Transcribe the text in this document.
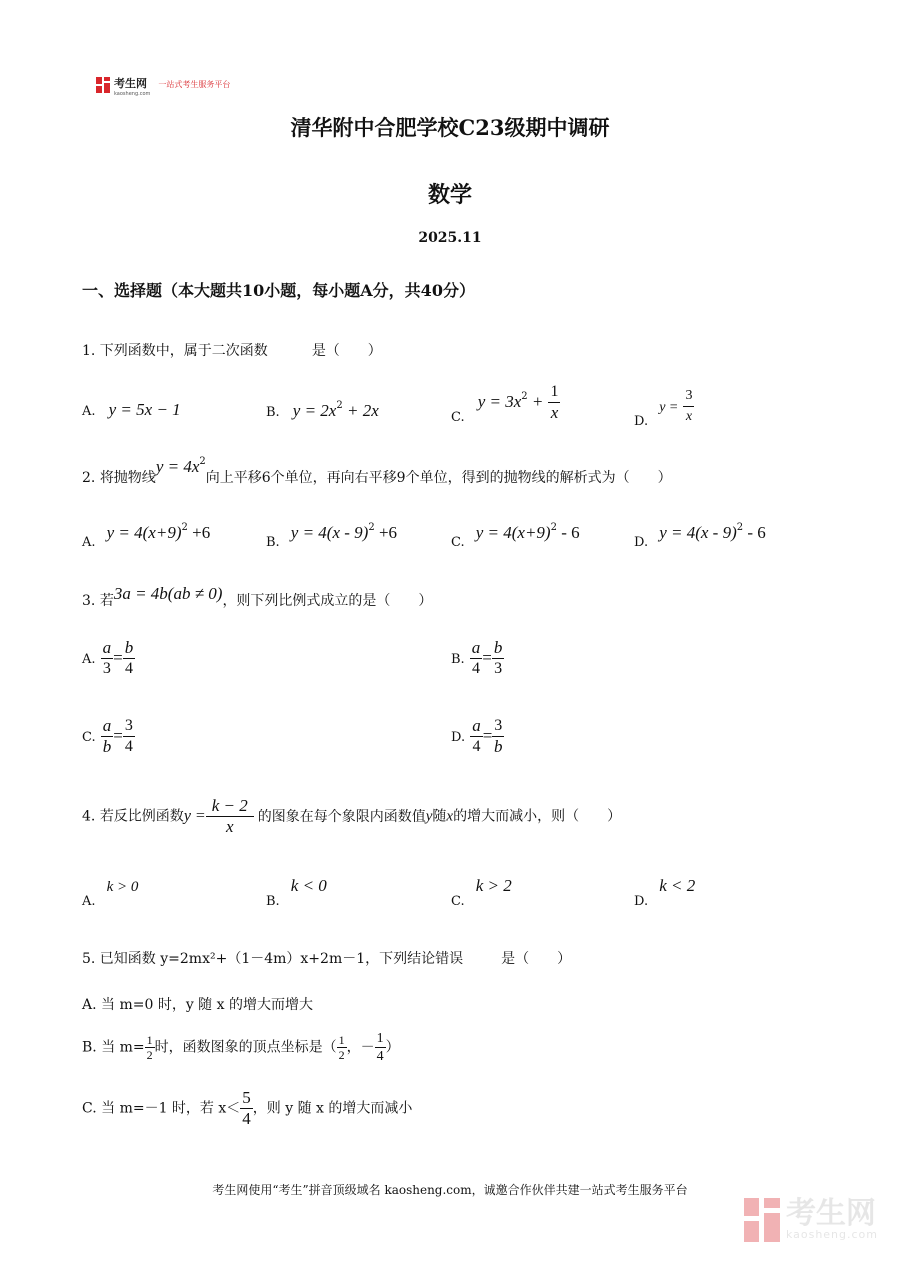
考生网
kaosheng.com
一站式考生服务平台
清华附中合肥学校C23级期中调研
数学
2025.11
一、选择题（本大题共10小题，每小题A分，共40分）
1. 下列函数中，属于二次函数	是（　　）
A. y = 5x − 1	B. $y = 2x^2 + 2x$	$_{C.}$ $y = 3x^2 + \frac{1}{x}$	$_{D.}$ $y = \frac{3}{x}$
2. 将抛物线$y = 4x^2$向上平移6个单位，再向右平移9个单位，得到的抛物线的解析式为（　　）
$_{A.}$ $y = 4(x+9)^2 +6$
$_{B.}$ y = 4(x - 9)$^2$ +6
$_{C.}$ $y = 4(x+9)^2 - 6$
$_{D.}$ y = 4(x - 9)$^2$ - 6
3. 若3a = 4b(ab ≠ 0)，则下列比例式成立的是（　　）
A. $\frac{a}{3} = \frac{b}{4}$	B. $\frac{a}{4} = \frac{b}{3}$
C. $\frac{a}{b} = \frac{3}{4}$	D. $\frac{a}{4} = \frac{3}{b}$
4. 若反比例函数$y = \frac{k - 2}{x}$ 的图象在每个象限内函数值y随x的增大而减小，则（　　）
$_{A.}$ k > 0
$_{B.}$ k < 0
$_{C.}$ k > 2
$_{D.}$ k < 2
5. 已知函数 y=2mx²+（1－4m）x+2m－1，下列结论错误	是（　　）
A. 当 m=0 时，y 随 x 的增大而增大
B. 当 $m= \frac{1}{2}$ 时，函数图象的顶点坐标是（ $\frac{1}{2}$ ，－ $\frac{1}{4}$ ）
C. 当 m=－1 时，若 $x< \frac{5}{4}$ ，则 y 随 x 的增大而减小
考生网使用“考生”拼音顶级域名 kaosheng.com，诚邀合作伙伴共建一站式考生服务平台
考生网
kaosheng.com
